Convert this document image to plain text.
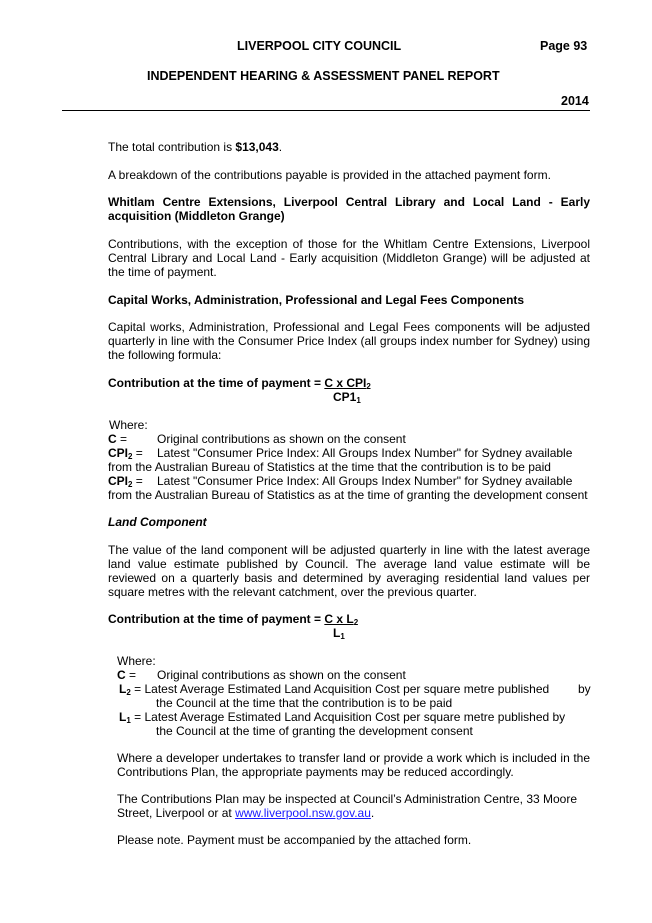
LIVERPOOL CITY COUNCIL	Page 93
INDEPENDENT HEARING & ASSESSMENT PANEL REPORT
2014
The total contribution is $13,043.
A breakdown of the contributions payable is provided in the attached payment form.
Whitlam Centre Extensions, Liverpool Central Library and Local Land - Early acquisition (Middleton Grange)
Contributions, with the exception of those for the Whitlam Centre Extensions, Liverpool Central Library and Local Land - Early acquisition (Middleton Grange) will be adjusted at the time of payment.
Capital Works, Administration, Professional and Legal Fees Components
Capital works, Administration, Professional and Legal Fees components will be adjusted quarterly in line with the Consumer Price Index (all groups index number for Sydney) using the following formula:
Contribution at the time of payment = C x $CPI_2$
$CP1_1$
Where:
C = Original contributions as shown on the consent
$CPI_2$ = Latest "Consumer Price Index: All Groups Index Number" for Sydney available
from the Australian Bureau of Statistics at the time that the contribution is to be paid
$CPI_2$ = Latest "Consumer Price Index: All Groups Index Number" for Sydney available
from the Australian Bureau of Statistics as at the time of granting the development consent
Land Component
The value of the land component will be adjusted quarterly in line with the latest average land value estimate published by Council. The average land value estimate will be reviewed on a quarterly basis and determined by averaging residential land values per square metres with the relevant catchment, over the previous quarter.
Contribution at the time of payment = C x $L_2$
$L_1$
Where:
C = Original contributions as shown on the consent
$L_2$ = Latest Average Estimated Land Acquisition Cost per square metre published by
the Council at the time that the contribution is to be paid
$L_1$ = Latest Average Estimated Land Acquisition Cost per square metre published by
the Council at the time of granting the development consent
Where a developer undertakes to transfer land or provide a work which is included in the Contributions Plan, the appropriate payments may be reduced accordingly.
The Contributions Plan may be inspected at Council’s Administration Centre, 33 Moore
Street, Liverpool or at www.liverpool.nsw.gov.au.
Please note. Payment must be accompanied by the attached form.
